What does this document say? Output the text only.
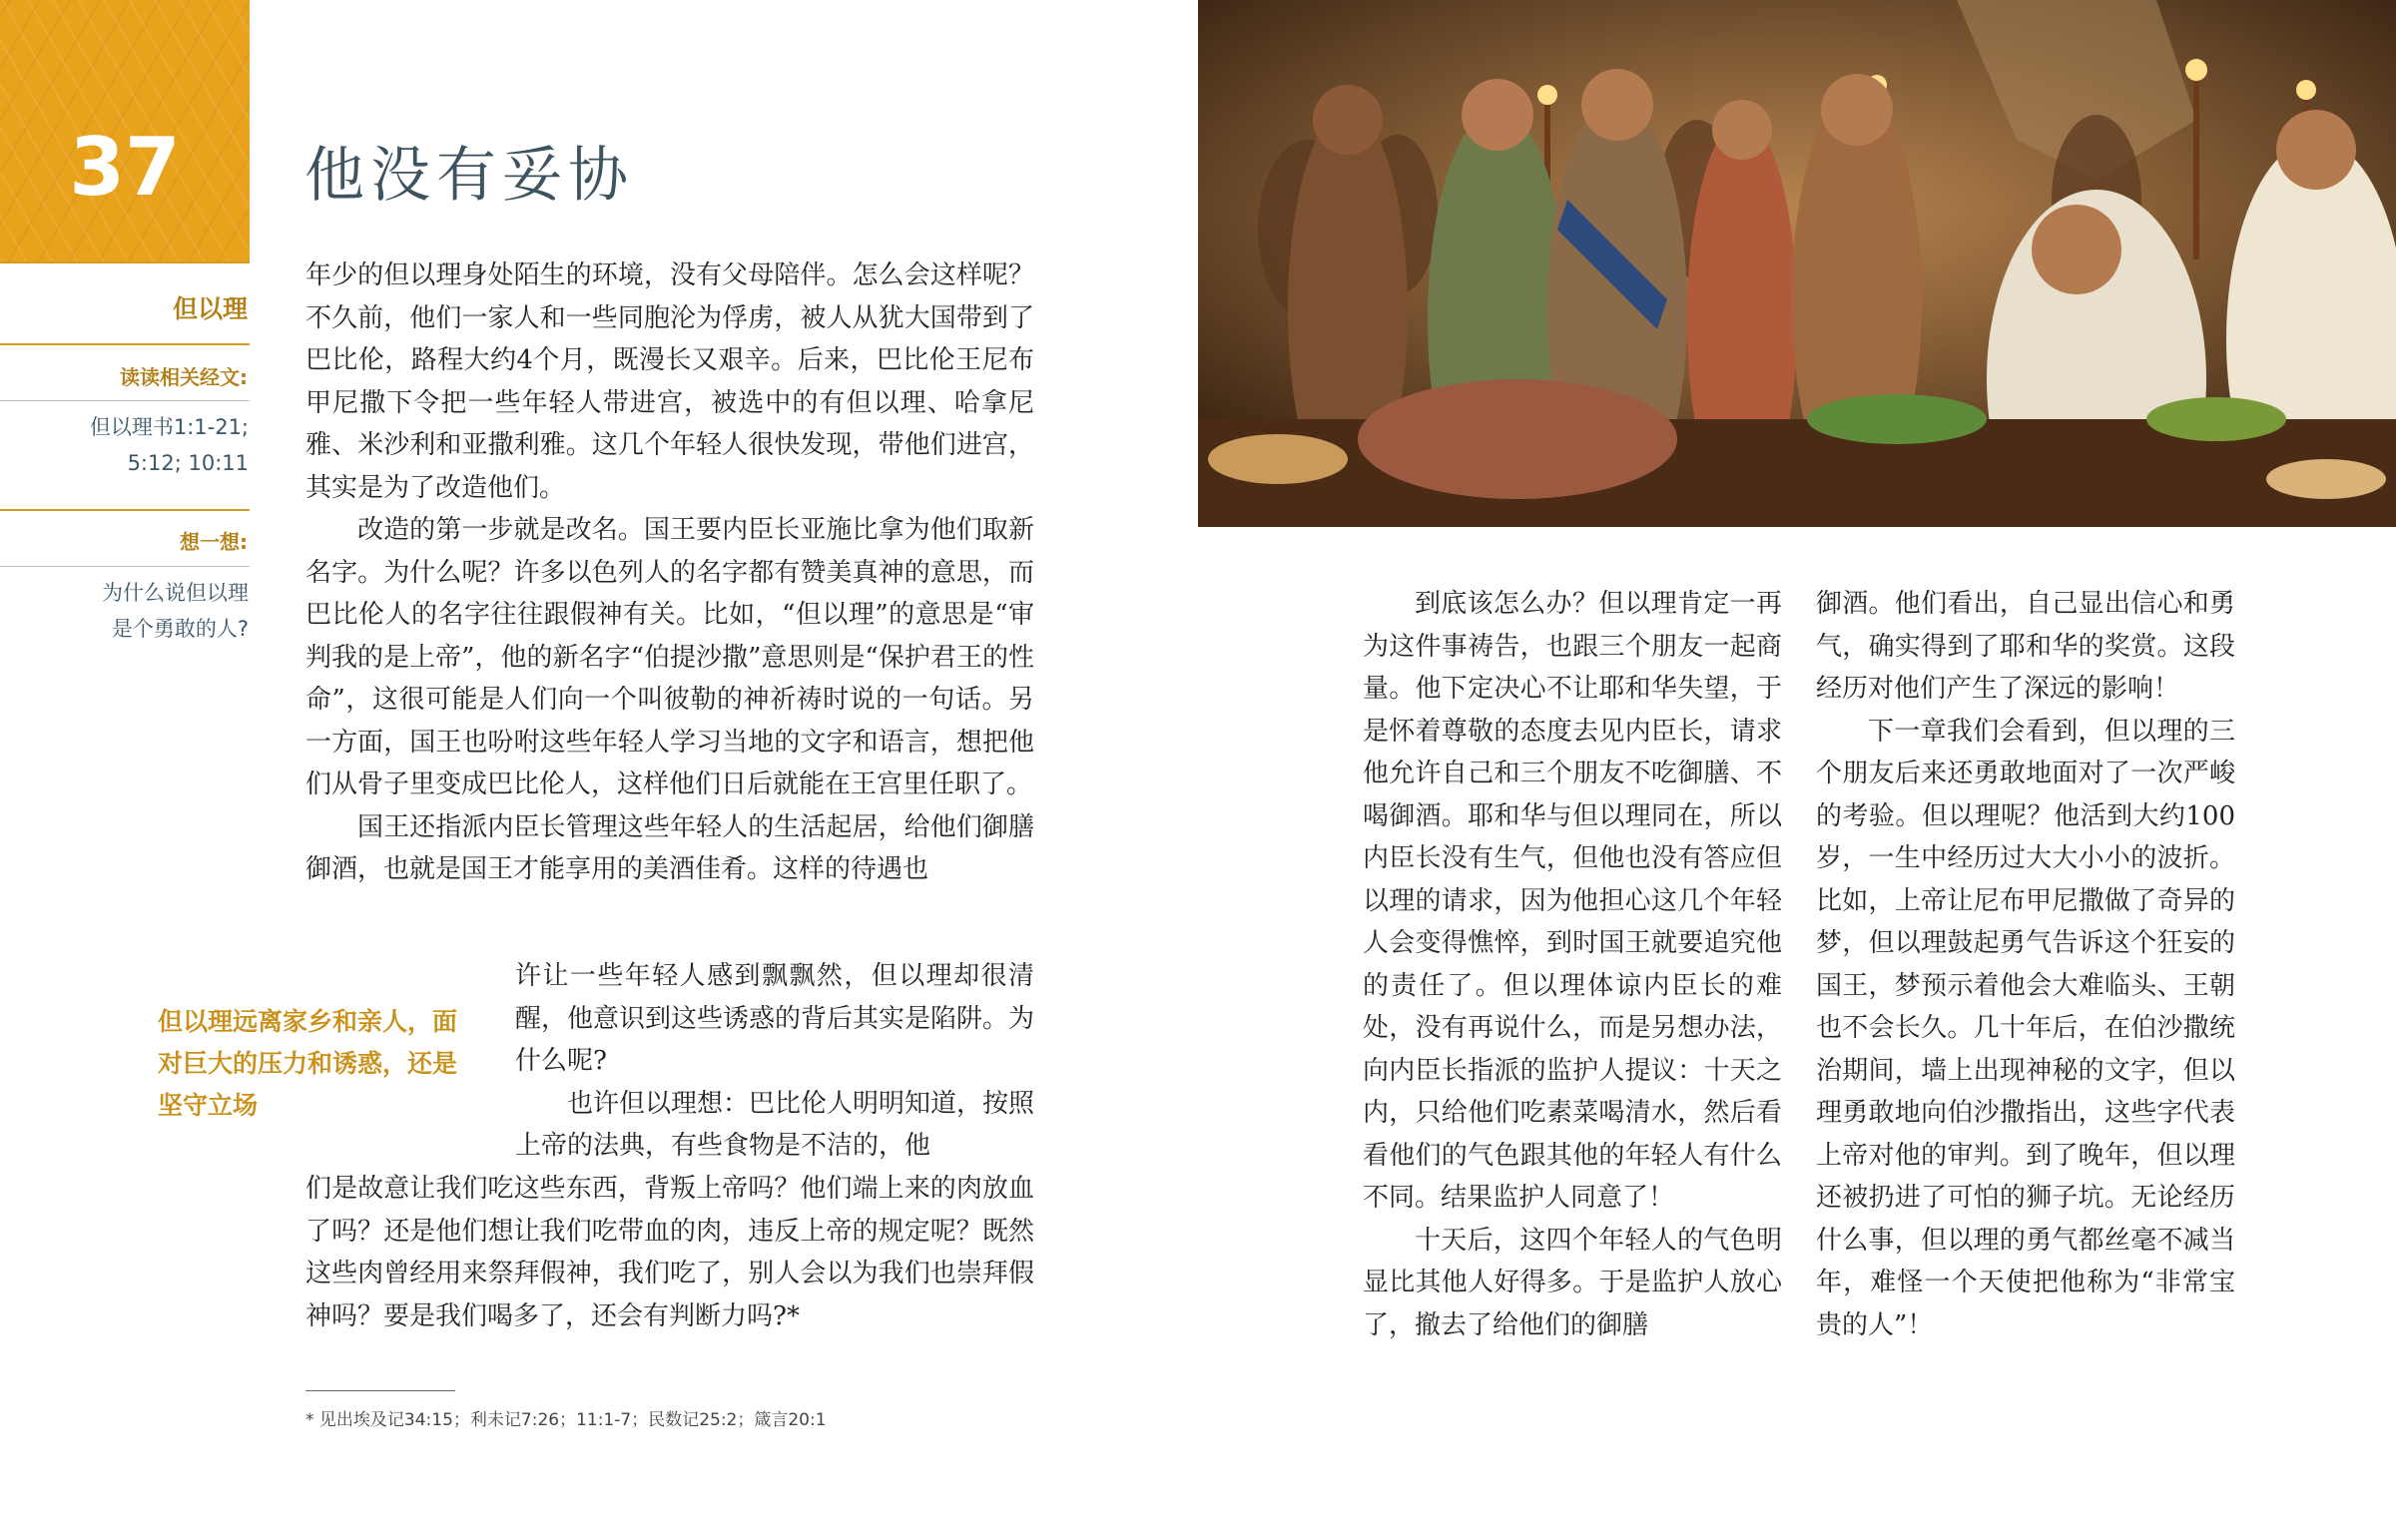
37	他没有妥协
但以理
读读相关经文:
但以理书1:1-21;
5:12; 10:11
想一想:
为什么说但以理
是个勇敢的人?

年少的但以理身处陌生的环境，没有父母陪伴。怎么会这样呢？不久前，他们一家人和一些同胞沦为俘虏，被人从犹大国带到了巴比伦，路程大约4个月，既漫长又艰辛。后来，巴比伦王尼布甲尼撒下令把一些年轻人带进宫，被选中的有但以理、哈拿尼雅、米沙利和亚撒利雅。这几个年轻人很快发现，带他们进宫，其实是为了改造他们。

改造的第一步就是改名。国王要内臣长亚施比拿为他们取新名字。为什么呢？许多以色列人的名字都有赞美真神的意思，而巴比伦人的名字往往跟假神有关。比如，“但以理”的意思是“审判我的是上帝”，他的新名字“伯提沙撒”意思则是“保护君王的性命”，这很可能是人们向一个叫彼勒的神祈祷时说的一句话。另一方面，国王也吩咐这些年轻人学习当地的文字和语言，想把他们从骨子里变成巴比伦人，这样他们日后就能在王宫里任职了。

国王还指派内臣长管理这些年轻人的生活起居，给他们御膳御酒，也就是国王才能享用的美酒佳肴。这样的待遇也

许让一些年轻人感到飘飘然，但以理却很清醒，他意识到这些诱惑的背后其实是陷阱。为什么呢?

也许但以理想：巴比伦人明明知道，按照上帝的法典，有些食物是不洁的，他

们是故意让我们吃这些东西，背叛上帝吗？他们端上来的肉放血了吗？还是他们想让我们吃带血的肉，违反上帝的规定呢？既然这些肉曾经用来祭拜假神，我们吃了，别人会以为我们也崇拜假神吗？要是我们喝多了，还会有判断力吗?*

但以理远离家乡和亲人，面对巨大的压力和诱惑，还是坚守立场
* 见出埃及记34:15；利未记7:26；11:1-7；民数记25:2；箴言20:1

到底该怎么办？但以理肯定一再为这件事祷告，也跟三个朋友一起商量。他下定决心不让耶和华失望，于是怀着尊敬的态度去见内臣长，请求他允许自己和三个朋友不吃御膳、不喝御酒。耶和华与但以理同在，所以内臣长没有生气，但他也没有答应但以理的请求，因为他担心这几个年轻人会变得憔悴，到时国王就要追究他的责任了。但以理体谅内臣长的难处，没有再说什么，而是另想办法，向内臣长指派的监护人提议：十天之内，只给他们吃素菜喝清水，然后看看他们的气色跟其他的年轻人有什么不同。结果监护人同意了！

十天后，这四个年轻人的气色明显比其他人好得多。于是监护人放心了，撤去了给他们的御膳

御酒。他们看出，自己显出信心和勇气，确实得到了耶和华的奖赏。这段经历对他们产生了深远的影响！

下一章我们会看到，但以理的三个朋友后来还勇敢地面对了一次严峻的考验。但以理呢？他活到大约100岁，一生中经历过大大小小的波折。比如，上帝让尼布甲尼撒做了奇异的梦，但以理鼓起勇气告诉这个狂妄的国王，梦预示着他会大难临头、王朝也不会长久。几十年后，在伯沙撒统治期间，墙上出现神秘的文字，但以理勇敢地向伯沙撒指出，这些字代表上帝对他的审判。到了晚年，但以理还被扔进了可怕的狮子坑。无论经历什么事，但以理的勇气都丝毫不减当年，难怪一个天使把他称为“非常宝贵的人”！
